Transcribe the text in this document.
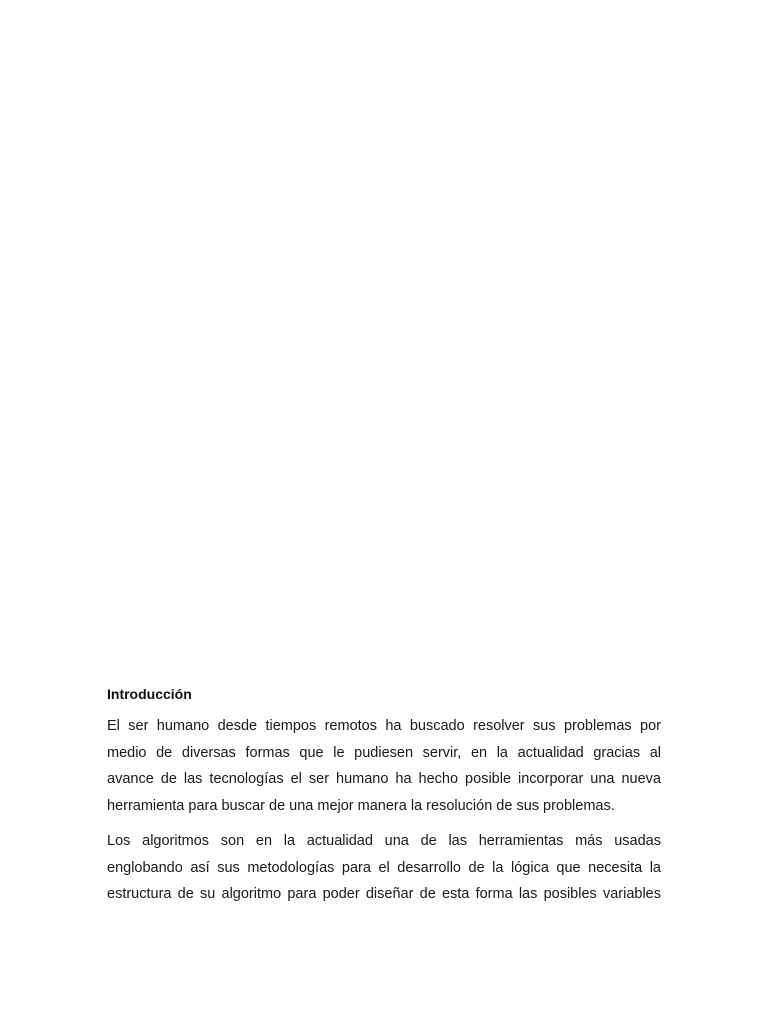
Introducción

El ser humano desde tiempos remotos ha buscado resolver sus problemas por
medio de diversas formas que le pudiesen servir, en la actualidad gracias al
avance de las tecnologías el ser humano ha hecho posible incorporar una nueva
herramienta para buscar de una mejor manera la resolución de sus problemas.

Los algoritmos son en la actualidad una de las herramientas más usadas
englobando así sus metodologías para el desarrollo de la lógica que necesita la
estructura de su algoritmo para poder diseñar de esta forma las posibles variables
